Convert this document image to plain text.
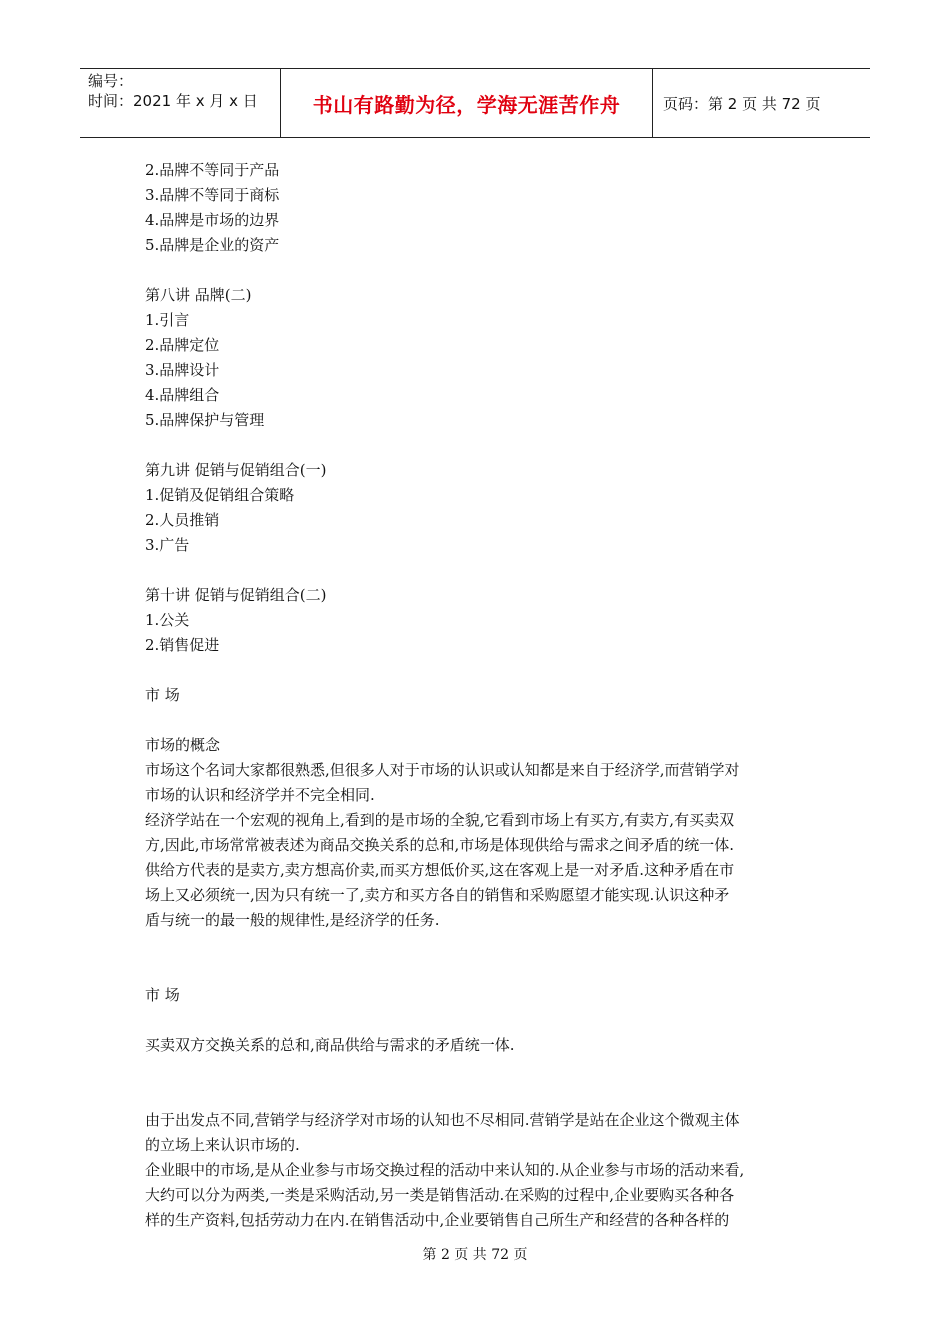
编号：
时间：2021 年 x 月 x 日	书山有路勤为径，学海无涯苦作舟	页码：第 2 页 共 72 页
2.品牌不等同于产品
3.品牌不等同于商标
4.品牌是市场的边界
5.品牌是企业的资产
第八讲 品牌(二)
1.引言
2.品牌定位
3.品牌设计
4.品牌组合
5.品牌保护与管理
第九讲 促销与促销组合(一)
1.促销及促销组合策略
2.人员推销
3.广告
第十讲 促销与促销组合(二)
1.公关
2.销售促进
市 场
市场的概念
市场这个名词大家都很熟悉,但很多人对于市场的认识或认知都是来自于经济学,而营销学对
市场的认识和经济学并不完全相同.
经济学站在一个宏观的视角上,看到的是市场的全貌,它看到市场上有买方,有卖方,有买卖双
方,因此,市场常常被表述为商品交换关系的总和,市场是体现供给与需求之间矛盾的统一体.
供给方代表的是卖方,卖方想高价卖,而买方想低价买,这在客观上是一对矛盾.这种矛盾在市
场上又必须统一,因为只有统一了,卖方和买方各自的销售和采购愿望才能实现.认识这种矛
盾与统一的最一般的规律性,是经济学的任务.
市 场
买卖双方交换关系的总和,商品供给与需求的矛盾统一体.
由于出发点不同,营销学与经济学对市场的认知也不尽相同.营销学是站在企业这个微观主体
的立场上来认识市场的.
企业眼中的市场,是从企业参与市场交换过程的活动中来认知的.从企业参与市场的活动来看,
大约可以分为两类,一类是采购活动,另一类是销售活动.在采购的过程中,企业要购买各种各
样的生产资料,包括劳动力在内.在销售活动中,企业要销售自己所生产和经营的各种各样的
第 2 页 共 72 页
